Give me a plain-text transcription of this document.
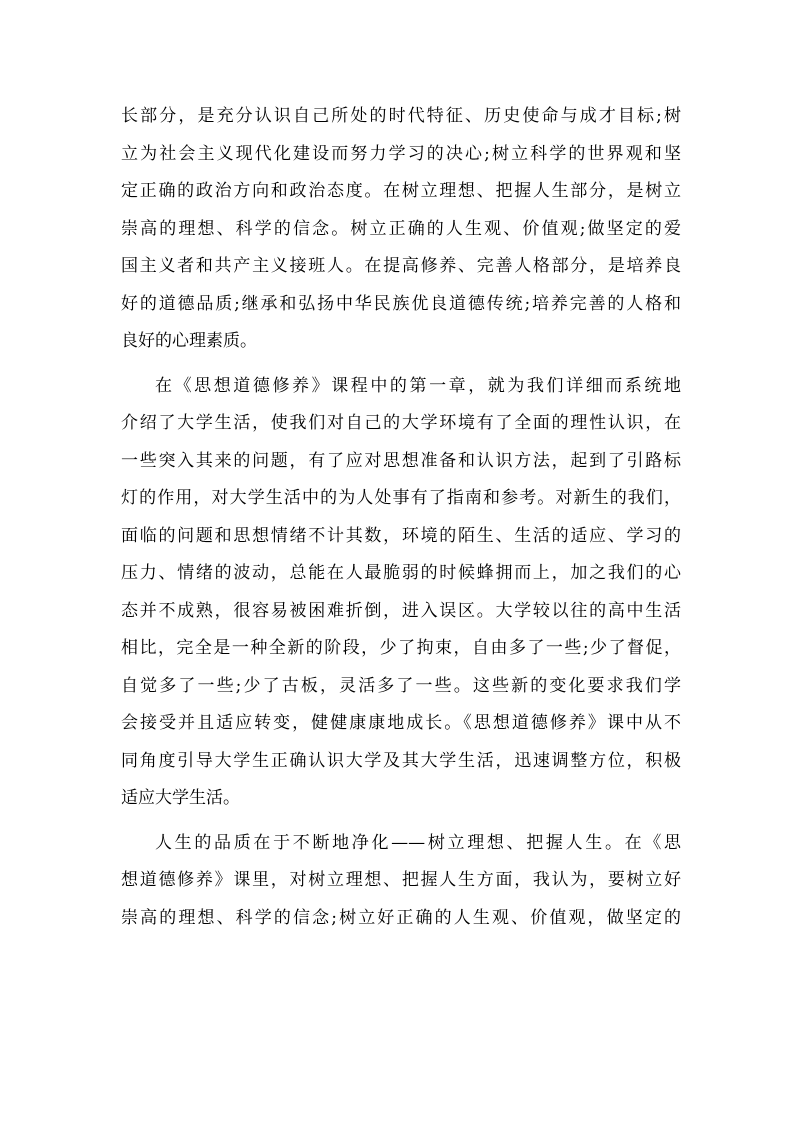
长部分，是充分认识自己所处的时代特征、历史使命与成才目标;树
立为社会主义现代化建设而努力学习的决心;树立科学的世界观和坚
定正确的政治方向和政治态度。在树立理想、把握人生部分，是树立
崇高的理想、科学的信念。树立正确的人生观、价值观;做坚定的爱
国主义者和共产主义接班人。在提高修养、完善人格部分，是培养良
好的道德品质;继承和弘扬中华民族优良道德传统;培养完善的人格和
良好的心理素质。
在《思想道德修养》课程中的第一章，就为我们详细而系统地
介绍了大学生活，使我们对自己的大学环境有了全面的理性认识，在
一些突入其来的问题，有了应对思想准备和认识方法，起到了引路标
灯的作用，对大学生活中的为人处事有了指南和参考。对新生的我们，
面临的问题和思想情绪不计其数，环境的陌生、生活的适应、学习的
压力、情绪的波动，总能在人最脆弱的时候蜂拥而上，加之我们的心
态并不成熟，很容易被困难折倒，进入误区。大学较以往的高中生活
相比，完全是一种全新的阶段，少了拘束，自由多了一些;少了督促，
自觉多了一些;少了古板，灵活多了一些。这些新的变化要求我们学
会接受并且适应转变，健健康康地成长。《思想道德修养》课中从不
同角度引导大学生正确认识大学及其大学生活，迅速调整方位，积极
适应大学生活。
人生的品质在于不断地净化——树立理想、把握人生。在《思
想道德修养》课里，对树立理想、把握人生方面，我认为，要树立好
崇高的理想、科学的信念;树立好正确的人生观、价值观，做坚定的
